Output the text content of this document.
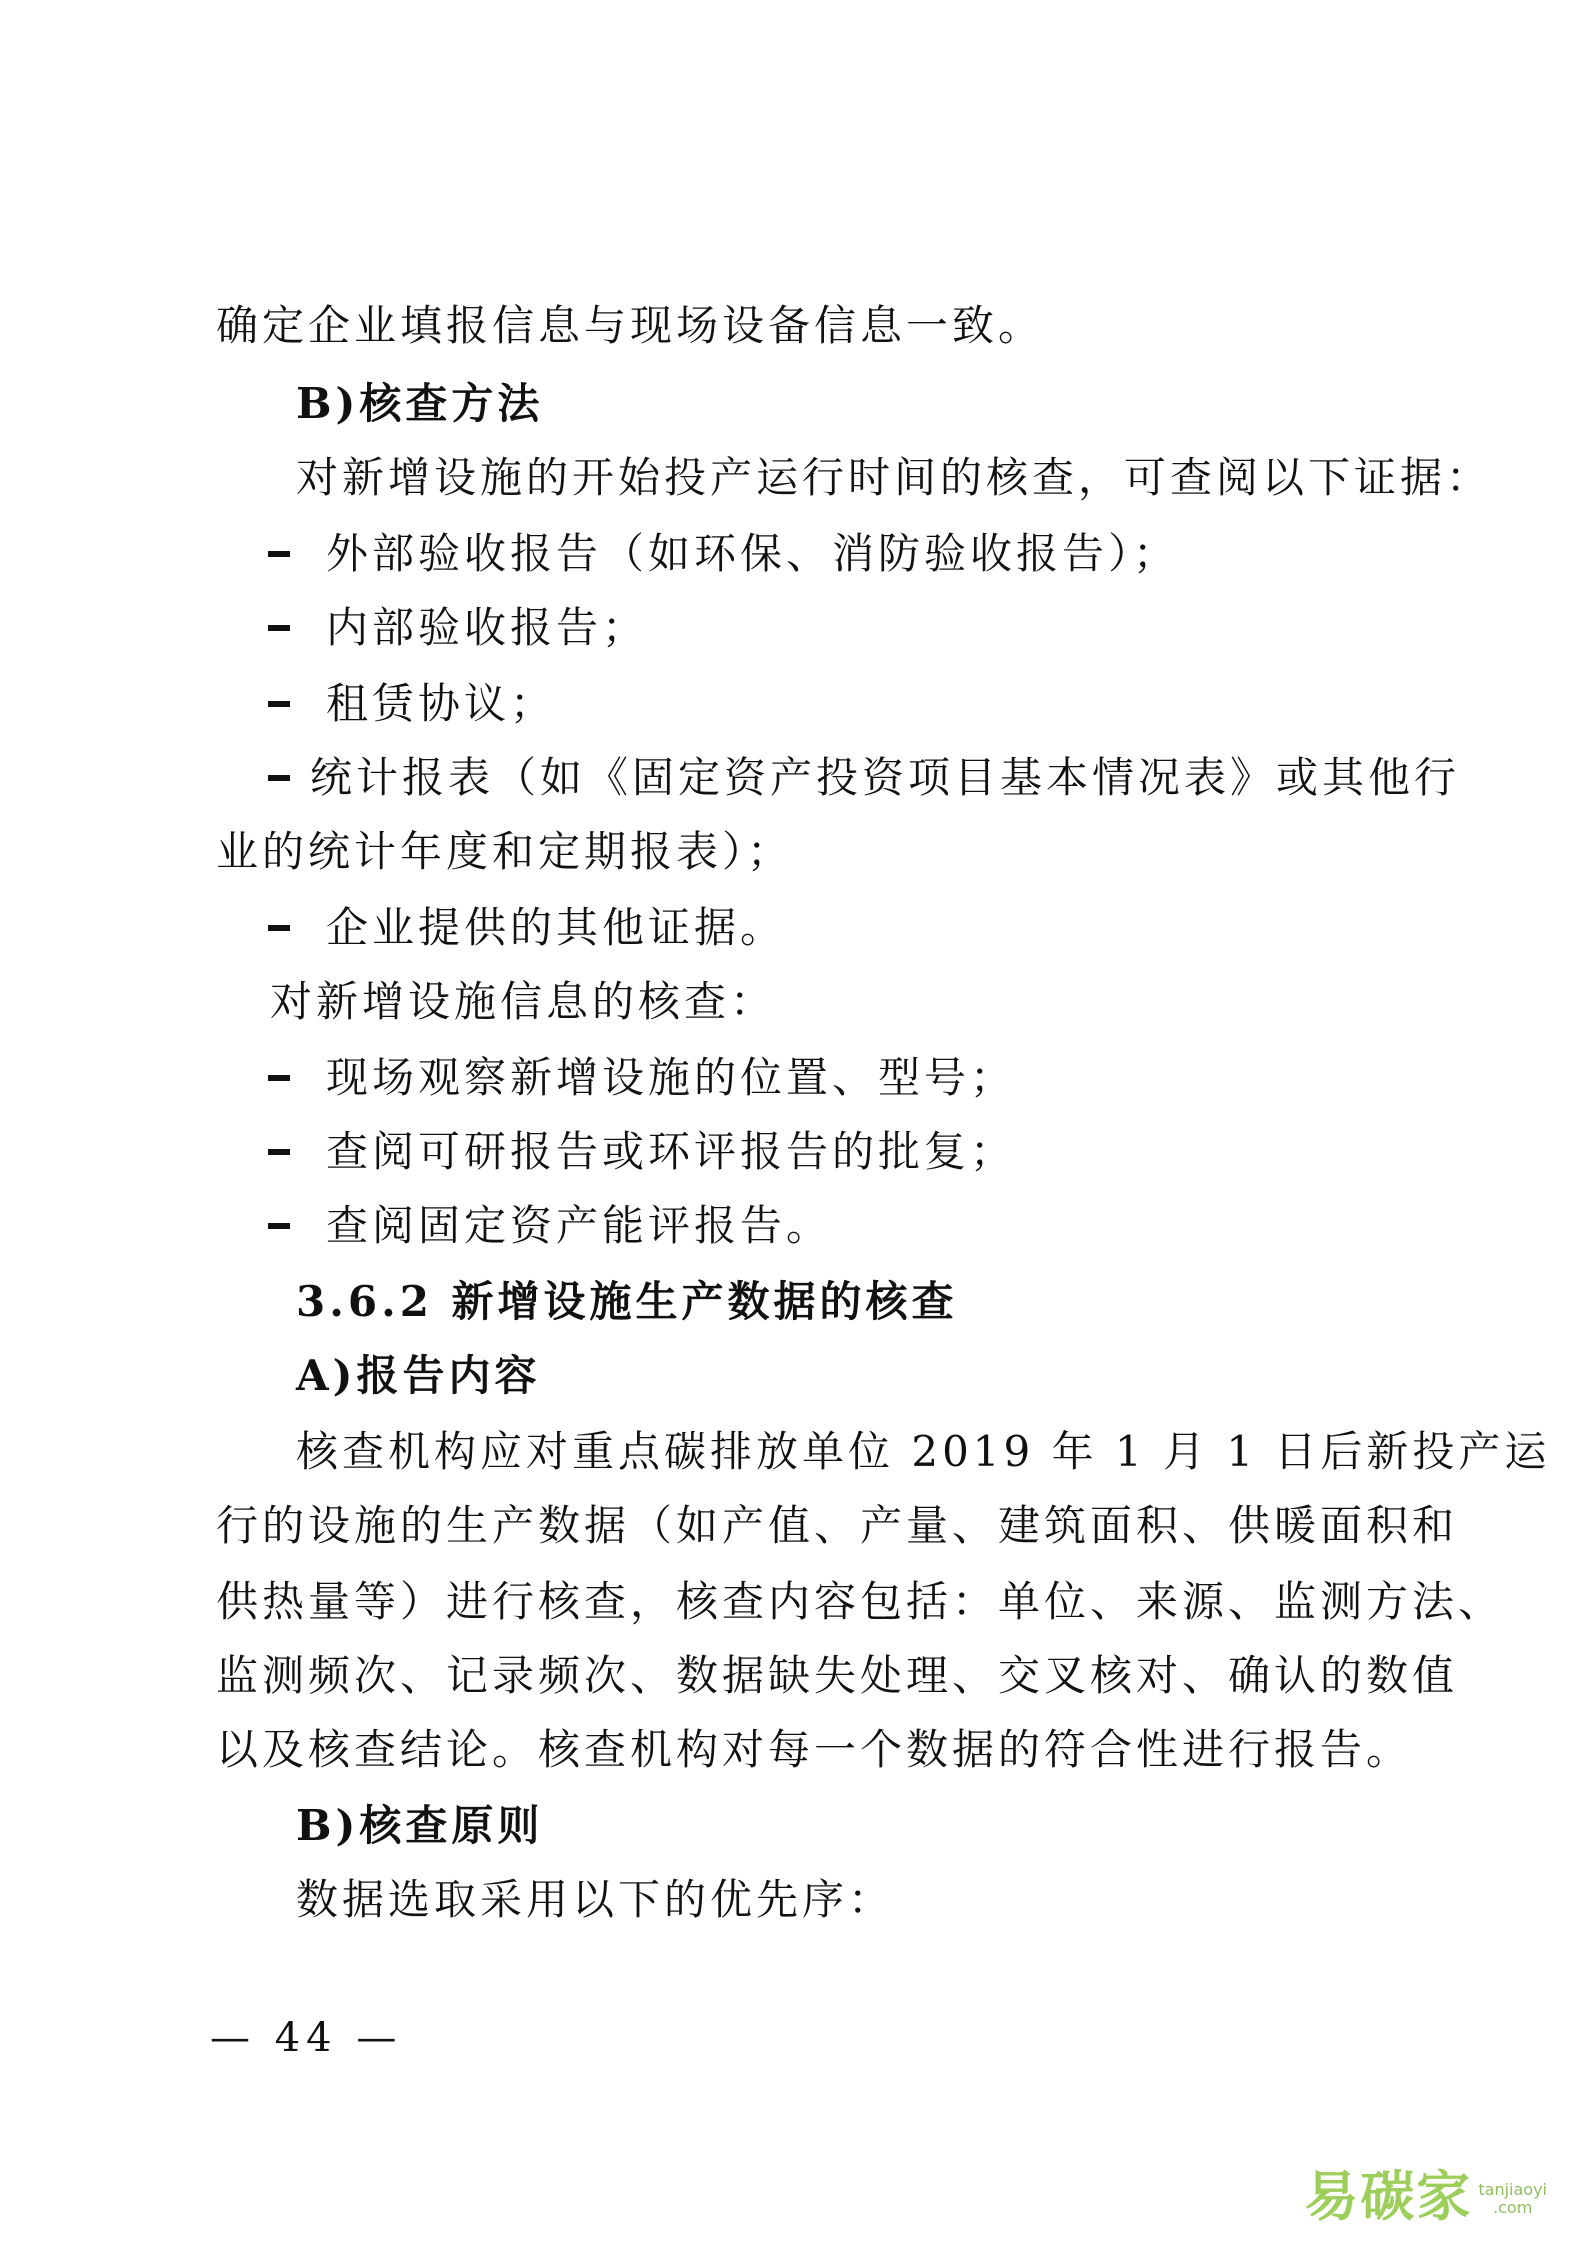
确定企业填报信息与现场设备信息一致。
B)核查方法
对新增设施的开始投产运行时间的核查，可查阅以下证据：
外部验收报告（如环保、消防验收报告）；
内部验收报告；
租赁协议；
统计报表（如《固定资产投资项目基本情况表》或其他行
业的统计年度和定期报表）；
企业提供的其他证据。
对新增设施信息的核查：
现场观察新增设施的位置、型号；
查阅可研报告或环评报告的批复；
查阅固定资产能评报告。
3.6.2 新增设施生产数据的核查
A)报告内容
核查机构应对重点碳排放单位 2019 年 1 月 1 日后新投产运
行的设施的生产数据（如产值、产量、建筑面积、供暖面积和
供热量等）进行核查，核查内容包括：单位、来源、监测方法、
监测频次、记录频次、数据缺失处理、交叉核对、确认的数值
以及核查结论。核查机构对每一个数据的符合性进行报告。
B)核查原则
数据选取采用以下的优先序：
— 44 —
易碳家 tanjiaoyi
.com
